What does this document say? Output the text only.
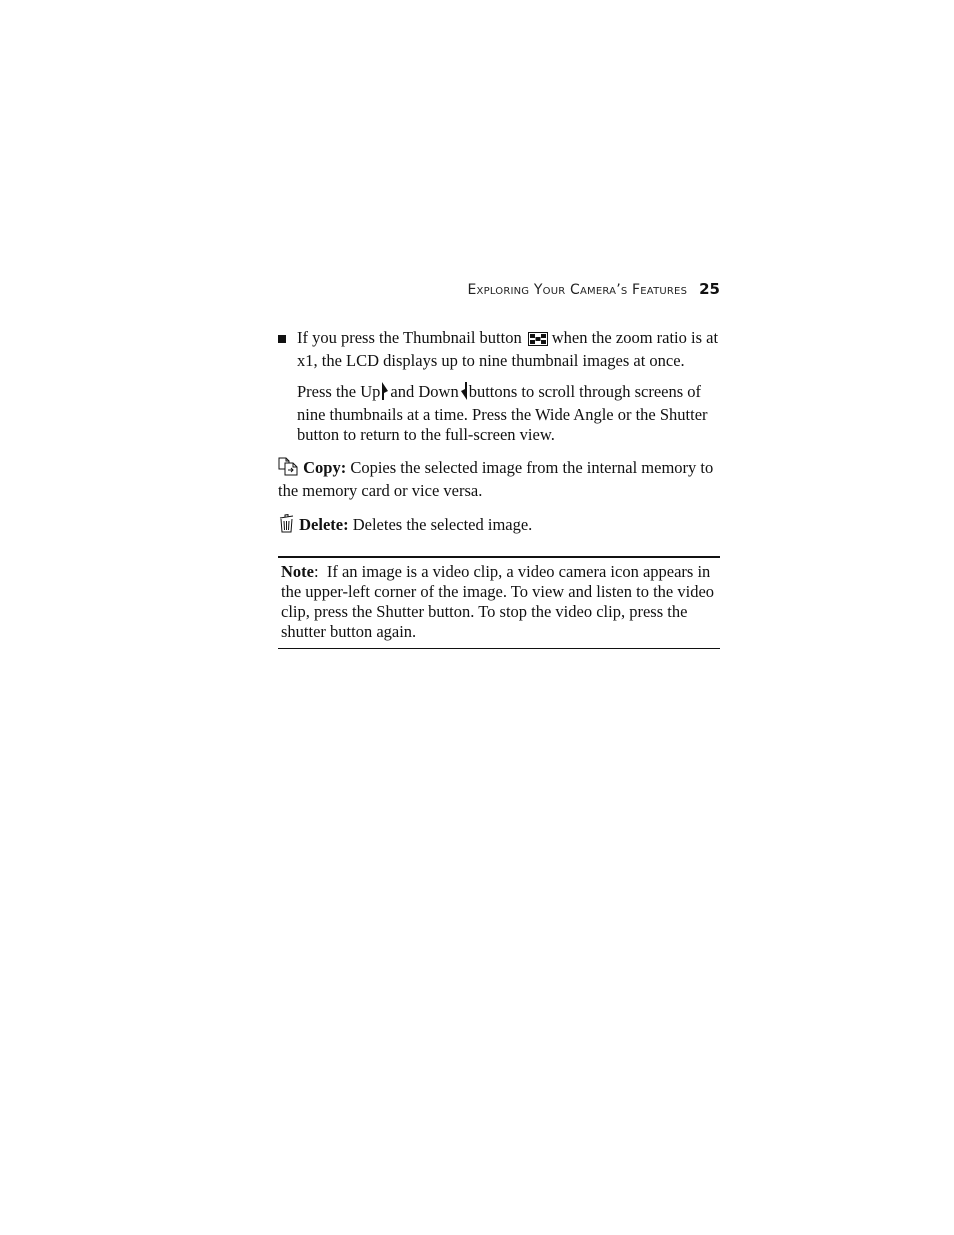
Exploring Your Camera’s Features 25

If you press the Thumbnail button when the zoom ratio is at x1, the LCD displays up to nine thumbnail images at once.

Press the Up and Down buttons to scroll through screens of nine thumbnails at a time. Press the Wide Angle or the Shutter button to return to the full-screen view.

Copy: Copies the selected image from the internal memory to the memory card or vice versa.

Delete: Deletes the selected image.

Note: If an image is a video clip, a video camera icon appears in the upper-left corner of the image. To view and listen to the video clip, press the Shutter button. To stop the video clip, press the shutter button again.
